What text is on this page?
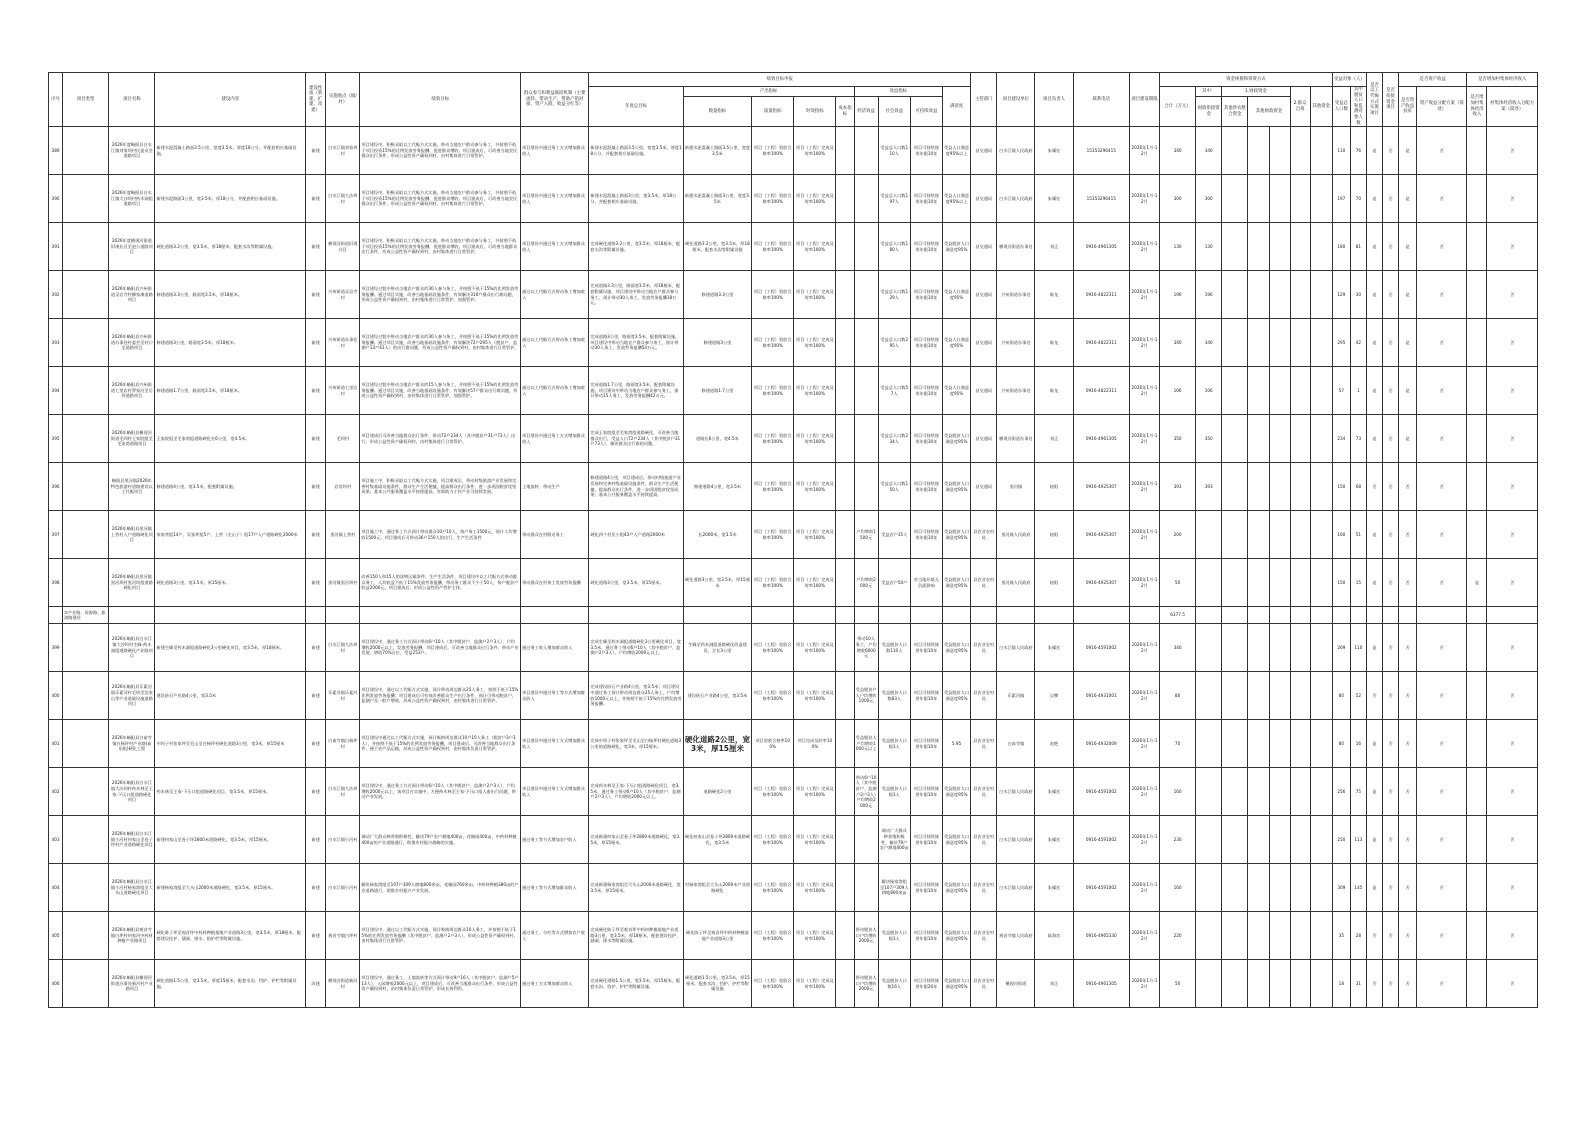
序号	项目类型	项目名称	建设内容	建设性质（新建、扩建、改建）	实施地点（镇/村）	绩效目标	群众参与和利益联结机制（主要流转、带动生产、帮助产销对接、资产入股、收益分红等）	绩效目标申报									主管部门	项目建设单位	项目负责人	联系电话	项目建设期限	资金规模和筹资方式							受益对象（人）		是否以工代赈方式实施项目	是否衔接资金项目	是否资产收益		是否增加村集体经济收入	
								年度总目标	产出指标				效益指标			满意度						合计（万元）	其中：	1.财政资金			2.群众自筹	其他资金	受益总人口数	其中脱贫人口和监测对象人数			是否资产收益扶贫	资产收益分配方案（简述）	是否增加村集体经济收入	村集体经济收入分配方案（简述）
									数量指标	质量指标	时效指标	成本指标	经济效益	社会效益	可持续效益								财政衔接资金	其他涉农整合资金	其他财政资金											

389		2026年度略阳县白水江镇刘家坝村民委员会道路项目	新建水泥混凝土路面3.5公里，宽度3.5米，厚度18公分，并配套相应基础设施。	新建	白水江镇刘家坝村	项目建设中，积极采取以工代赈方式实施，带动当地农户群众参与务工，并按照不低于项目投资15%的比例发放劳务报酬，促进群众增收。项目建成后，可改善当地农民群众出行条件，形成公益性资产确权到村，由村集体进行日常管护。	项目建设中通过务工方式增加群众收入	新建水泥混凝土路面3.5公里，宽度3.5米，厚度18公分，并配套相应基础设施。	新建水泥混凝土路面3.5公里，宽度3.5米	项目（工程）验收合格率100%	项目（工程）完成及时率100%			受益总人口数110人	项目可持续使用年限10年	受益人口满意度95%以上	县交通局	白水江镇人民政府	朱耀宏	15353296415	2026年1月-12月	340	340						110	76	是	否	是	否		否
390		2026年度略阳县白水江镇大沙坝村药木洞组道路项目	新建水泥路面3公里，宽3.5米，厚18公分，并配套相应基础设施。	新建	白水江镇大沙坝村	项目建设中，积极采取以工代赈方式实施，带动当地农户群众参与务工，并按照不低于项目投资15%的比例发放劳务报酬，促进群众增收。项目建成后，可改善当地农民群众出行条件，形成公益性资产确权到村，由村集体进行日常管护。	项目建设中通过务工方式增加群众收入	新建水泥混凝土路面3公里，宽3.5米，厚18公分，并配套相应基础设施。	新建水泥混凝土路面3公里，宽度3.5米	项目（工程）验收合格率100%	项目（工程）完成及时率100%			受益总人口数197人	项目可持续使用年限10年	受益人口满意度95%以上	县交通局	白水江镇人民政府	朱耀宏	15353296415	2026年1月-12月	300	300						197	70	是	否	是	否		否
391		2026年度横现河街道旧现社区至赵公道路项目	硬化道路3.2公里，宽3.5米，厚18厘米，配套水沟等附属设施。	新建	横现河街道旧现社区	项目建设中，积极采取以工代赈方式实施，带动当地农户群众参与务工，并按照不低于项目投资15%的比例发放劳务报酬，促进群众增收。项目建成后，可改善当地群众出行条件，形成公益性资产确权到村，由村集体进行日常管护。	项目建设中通过务工方式增加群众收入	完成硬化道路3.2公里，宽3.5米，厚18厘米，配套水沟等附属设施。	硬化道路3.2公里，宽3.5米，厚18厘米，配套水沟等附属设施	项目（工程）验收合格率100%	项目（工程）完成及时率100%			受益总人口数180人	项目可持续使用年限10年	受益脱贫人口满意度95%	县交通局	横现河街道办事处	刘正	0916-4961305	2026年1月-12月	130	130						180	81	是	否	是	否		否
392		2026年略阳县兴州街道灵岩寺村柳家滩道路项目	修建道路3.3公里，路面宽3.5米，厚18厘米。	新建	兴州街道灵岩寺村	项目建设过程中带动当地农户群众约30人参与务工，并按照不低于15%的比例发放劳务报酬。通过项目实施，改善当地基础设施条件，有效解决310户群众出行难问题，形成公益性资产确权到村，由村集体进行日常管护，加强管护。	通过以工代赈方式带动务工增加收入	完成道路3.3公里，路面宽3.5米，厚18厘米，配套附属设施，项目建设中带动当地农户群众参与务工，预计带动30人务工，发放劳务报酬18万元。	修建道路3.3公里	项目（工程）验收合格率100%	项目（工程）完成及时率100%			受益总人口数129人	项目可持续使用年限10年	受益人口满意度95%	县交通局	兴州街道办事处	陈龙	0916-4822311	2026年1月-12月	196	196						129	30	是	否	是	否		否
393		2026年略阳县兴州街道办事处村委会至村口至道路项目	修建道路3公里，路面宽3.5米，厚18厘米。	新建	兴州街道办事处村	项目建设过程中带动当地农户群众约30人参与务工，并按照不低于15%的比例发放劳务报酬。通过项目实施，改善当地基础设施条件，有效解决72户295人（脱贫户、监测户13户43人）的出行难问题，形成公益性资产确权到村，由村集体进行日常管护。	通过以工代赈方式带动务工增加收入	完成道路3公里，路面宽3.5米，配套附属设施，项目建设中带动当地农户群众参与务工，预计带动30人务工，发放劳务报酬54万元。	修建道路3公里	项目（工程）验收合格率100%	项目（工程）完成及时率100%			受益总人口数295人	项目可持续使用年限10年	受益人口满意度95%	县交通局	兴州街道办事处	陈龙	0916-4822311	2026年1月-12月	340	340						295	42	是	否	是	否		否
394		2026年略阳县兴州街道七里店村罗家河至后坝道路项目	修建道路1.7公里，路面宽3.5米，厚18厘米。	新建	兴州街道七里店村	项目建设过程中带动当地农户群众约15人参与务工，并按照不低于15%的比例发放劳务报酬。通过项目实施，改善当地基础设施条件，有效解决57户群众出行难问题，形成公益性资产确权到村，由村集体进行日常管护，加强管护。	通过以工代赈方式带动务工增加收入	完成道路1.7公里，路面宽3.5米，配套附属设施，项目建设中带动当地农户群众参与务工，预计带动15人务工，发放劳务报酬42万元。	修建道路1.7公里	项目（工程）验收合格率100%	项目（工程）完成及时率100%			受益总人口数57人	项目可持续使用年限10年	受益人口满意度95%	县交通局	兴州街道办事处	陈龙	0916-4822311	2026年1月-12月	106	106						57	1	是	否	是	否		否
395		2026年略阳县横现河街道毛坝村王家院组至毛家湾道路项目	王家院组至毛家湾组道路硬化长6公里，宽4.5米。	新建	毛坝村	项目建成后可改善当地群众出行条件，带动72户234人（其中脱贫户31户73人）出行，形成公益性资产确权到村，由村集体进行日常管护。	项目建设中通过务工方式增加群众收入	完成王家院组至毛家湾组道路硬化，可改善当地群众出行，受益人口72户234人（其中脱贫户31户73人），解决群众出行难的问题。	道路长6公里，宽4.5米	项目（工程）验收合格率100%	项目（工程）完成及时率100%			受益总人口数234人	项目可持续使用年限30年	受益脱贫人口满意度95%	县交通局	横现河街道办事处	刘正	0916-4961305	2026年1月-12月	350	350						234	73	是	否	是	否		否
396		略阳县黑河镇2026年特色旅游村道路建设以工代赈项目	修建道路4公里，宽3.5米，配套附属设施。	新建	岩房坝村	项目施工中，积极采取以工代赈方式实施，项目建成后，带动村级旅游产业发展和完善村级基础设施条件，群众生产生活便捷，提高群众出行条件，进一步巩固脱贫攻坚成果；基本公共服务覆盖水平持续提高，有助助力于村产业可持续发展。	土地流转、带动生产	修建道路4公里，项目建成后，带动村级旅游产业发展和完善村级基础设施条件，群众生产生活便捷，提高群众出行条件，进一步巩固脱贫攻坚成果；基本公共服务覆盖水平持续提高。	修建道路4公里，宽3.5米	项目（工程）验收合格率100%	项目（工程）完成及时率100%			受益总人口数150人	项目可持续使用年限10年	受益脱贫人口满意度95%	县交通局	黑河镇	桂阳	0916-4925307	2026年1月-12月	393	393						150	68	否	否	否	否		否
397		2026年略阳县黑河镇上营村入户道路硬化项目	家家营组14户、吴家坪组5户、上营（尖山子）组17户入户道路硬化2000米	新建	黑河镇上营村	项目施工中，通过务工方式预计带动群众10户10人，每户务工1500元，预计人均增收1500元。项目建成后可带动36户150人的出行，生产生活条件	带动群众在村附近务工	硬化四个村民小组43户入户道路2000米	长2000米，宽3.5米	项目（工程）验收合格率100%	项目（工程）完成及时率100%		户均增收1500元	受益农户35人	项目可持续使用年限10年	受益脱贫人口满意度95%	县农业农村局	黑河镇人民政府	桂阳	0916-4925307	2026年1月-12月	200							160	51	是	否	否	否		否
398		2026年略阳县黑河镇黑河坝村黑河坝组道路硬化项目	硬化道路3公里，宽3.5米，厚15厘米。	新建	黑河镇黑河坝村	改善150人和15人的货物运输条件；生产生活条件，项目建设中以工代赈方式带动群众务工，人均收益不低于15%发放劳务报酬，带动务工群众不少于50人，每户脱贫户收益2000元，项目建成后，形成公益性资产管护主体。	带动群众在村务工发放劳务报酬	硬化道路3公里，宽3.5米，厚15厘米。	硬化道路3公里，宽3.5米，厚15厘米	项目（工程）验收合格率100%	项目（工程）完成及时率100%		户均增收2000元	受益农户50户	对当地环境无负面影响	受益脱贫人口满意度95%	县农业农村局	黑河镇人民政府	桂阳	0916-4925307	2026年1月-12月	50							150	15	是	否	否	否	是	否
	②产业路、资源路、旅游路建设																					6377.5														
399		2026年略阳县白水江镇大沙坝村生峰-药木洞组道路硬化产业路项目	新建生峰至药木洞组道路硬化3公里硬化项目，宽3.5米，厚18厘米。	新建	白水江镇大沙坝村	项目建设中，通过务工方式预计带动6户10人（其中脱贫户、监测户2户3人），户均增收2000元以上，发放劳务报酬，项目建成后，可改善当地群众出行条件，带动产业发展，增收70%台位，受益253户。	通过务工收入增加群众收入	完成生峰至药木洞组道路硬化3公里硬化项目，宽3.5米，通过务工带动6户10人（其中脱贫户、监测户2户3人），户均增收2000元以上。	生峰至药木洞组道路硬化改造建设，全长3公里	项目（工程）验收合格率100%	项目（工程）完成及时率100%		带动10人务工，户均增收6000元	受益脱贫人口数110人	项目可持续使用年限10年	受益脱贫人口满意度95%	县农业农村局	白水江镇人民政府	朱耀宏	0916-4591002	2026年1月-12月	340							269	110	是	否	否	否		否
400		2026年略阳县乐素河镇乐素河村毛坝至沈家山等产业基础设施道路项目	建设砂石产业路4公里，宽3.5米	新建	乐素河镇乐素河村	项目建设中，通过以工代赈方式实施，预计带动周边群众25人务工，按照不低于15%比例发放劳务报酬；项目建成后可有效改善群众生产出行条件，预计可带动脱贫户，监测户及一般户增收，形成公益性资产确权到村，由村集体进行日常管护。	项目建设中通过务工等方式增加群众收入	完成建设砂石产业路4公里，宽3.5米；项目建设中通过务工预计带动周边群众25人务工，户均增收1000元以上，并按照不低于15%的比例发放劳务报酬。	建设砂石产业路4公里，宽3.5米	项目（工程）验收合格率100%	项目（工程）完成及时率100%		受益脱贫户人户均增收1000元	受益脱贫人口数83人	项目可持续使用年限10年	受益脱贫人口满意度95%	县农业农村局	乐素河镇	吴攀	0916-4931001	2026年1月-12月	80							80	52	否	否	否	否		否
401		2026年略阳县白雀寺镇白杨坪村产业路(庙东组)硬化工程	中坝子村张家坪至毛山至白杨坪村硬化道路3公里，宽3米，厚15厘米	新建	白雀寺镇白杨坪村	项目建设中通过以工代赈方式实施，预计吸纳周边群众10户10人务工（脱贫户3户3人），并按照不低于15%的比例发放劳务报酬，项目建成后，可改善当地群众出行条件，便于农产品运输，形成公益性资产确权到村，由村集体负责日常管护。	项目建设中通过务工方式增加群众收入	完成中坝子村张家坪至毛山至白杨坪村硬化道路3公里的道路硬化，宽3米，厚15厘米。	硬化道路2公里，宽3米，厚15厘米	项目验收合格率100%	项目完成及时率100%		受益脱贫人户均增收1000元以上	受益脱贫人口数3人	项目可持续使用年限10年	5.95	县农业农村局	白雀寺镇	赵艳	0916-4932009	2026年1月-12月	70							80	16	是	否	否	否		否
402		2026年略阳县白水江镇大沙坝村药木林至王家-下压口组道路硬化项目	药木林至王家-下压口组道路硬化项目，宽3.5米，厚15厘米。	新建	白水江镇大沙坝村	项目建设中，通过务工方式预计带动6户10人（其中脱贫户、监测户2户3人），户均增收2000元以上，该项目在实施中，方便药木林至王家-下压口组人畜出行问题，带动产业发展。	项目建设中通过务工方式增加群众收入	完成药木林至王家-下压口组道路硬化项目，宽3.5米，通过务工带动6户10人（其中脱贫户、监测户2户3人），户均增收2000元以上。	道路硬化2公里	项目（工程）验收合格率100%	项目（工程）完成及时率100%		带动6户10人（其中脱贫户、监测户2户3人）户均增收2000元	受益脱贫人口数3人	项目可持续使用年限10年	受益脱贫人口满意度95%	县农业农村局	白水江镇人民政府	朱耀宏	0916-4591002	2026年1月-12月	160							256	75	是	否	否	否		否
403		2026年略阳县白水江镇小河村何家山至卷子坪村产业道路硬化项目	新建何家山至卷子坪2800米道路硬化，宽3.5米，厚15厘米。	新建	白水江镇小河村	调动广大群众种养殖积极性，解决79户农户耕地400亩，花椒园400亩，中药材种植400亩的产业道路通行，助推乡村振兴战略的实施。	通过务工等方式增加农户收入	完成新建何家山至卷子坪2800米道路硬化，宽3.5米，厚15厘米。	硬化何家山至卷子坪2800米道路硬化，宽3.5米	项目（工程）验收合格率100%	项目（工程）完成及时率100%			调动广大群众种养殖积极性，解决79户农户耕地400亩	项目可持续使用年限10年	受益脱贫人口满意度95%	县农业农村局	白水江镇人民政府	朱耀宏	0916-4591002	2026年1月-12月	230							250	113	是	否	否	否		否
404		2026年略阳县白水江镇小河村杨家湾组至大头山道路硬化项目	新建杨家湾组至大头山2000米道路硬化，宽3.5米，厚15厘米。	新建	白水江镇小河村	解决杨家湾组至107户309人耕地800余亩，花椒园760余亩，中药材种植380亩的产业道路通行，助推乡村振兴产业发展。	通过务工等方式增加群众收入	完成新建杨家湾组至大头山2000米道路硬化，宽3.5米，厚15厘米。	对杨家湾组至大头山2000米产业道路硬化	项目（工程）验收合格率100%	项目（工程）完成及时率100%			解决杨家湾组至107户309人耕地800余亩	项目可持续使用年限10年	受益脱贫人口满意度95%	县农业农村局	白水江镇人民政府	朱耀宏	0916-4591002	2026年1月-12月	160							309	145	是	否	否	否		否
405		2026年略阳县观音寺镇白坪村何家河中药材种植产业路项目	硬化陈子坪至观音坪中药材种植基地产业道路3公里，宽3.5米，厚18厘米，配套建设挂护、涵洞、排水、防护栏等附属设施。	新建	观音寺镇白坪村	项目建设中，通过以工代赈方式实施，预计吸纳周边群众10人务工，并按照不低于15%的比例发放劳务报酬（其中脱贫户、监测户2户3人），形成公益性资产确权到村，由村集体进行日常管护。	通过务工、分红等方式增加农户收入	完成硬化陈子坪至观音坪中药材种植基地产业道路3公里，宽3.5米，厚18厘米，配套建设挂护、涵洞、排水等附属设施。	硬化陈子坪至观音坪中药材种植基地产业道路3公里	项目（工程）验收合格率100%	项目（工程）完成及时率100%		带动脱贫人口户均增收2000元	受益脱贫人口数3人	项目可持续使用年限10年	受益脱贫人口满意度95%	县农业农村局	观音寺镇人民政府	陈海彦	0916-4965330	2026年1月-12月	220							35	28	否	否	否	否		否
406		2026年略阳县横现河街道办事处新河村产业路项目	硬化道路1.5公里，宽3.5米，厚度15厘米，配套水沟、挡护、护栏等附属设施。	改建	横现河街道新河村	项目建设中，通过务工、土地流转等方式预计带动9户16人（其中脱贫户、监测户5户13人），入园增收2000元以上，项目建成后，可改善当地群众出行条件，形成公益性资产确权到村，由村集体负责日常管护，形成长效利用。	通过务工方式增加群众收入	完成硬化道路1.5公里，宽3.5米，厚15厘米，配套水沟、挡护、护栏等附属设施。	硬化道路1.5公里，宽3.5米，厚15厘米，配套水沟、挡护、护栏等附属设施	项目（工程）验收合格率100%	项目（工程）完成及时率100%		带动脱贫人口户均增收2000元	受益脱贫人口数16人	项目可持续使用年限20年	受益脱贫人口满意度95%	县农业农村局	横现河街道	刘正	0916-4961305	2026年1月-12月	50							18	31	否	否	否	否		否
